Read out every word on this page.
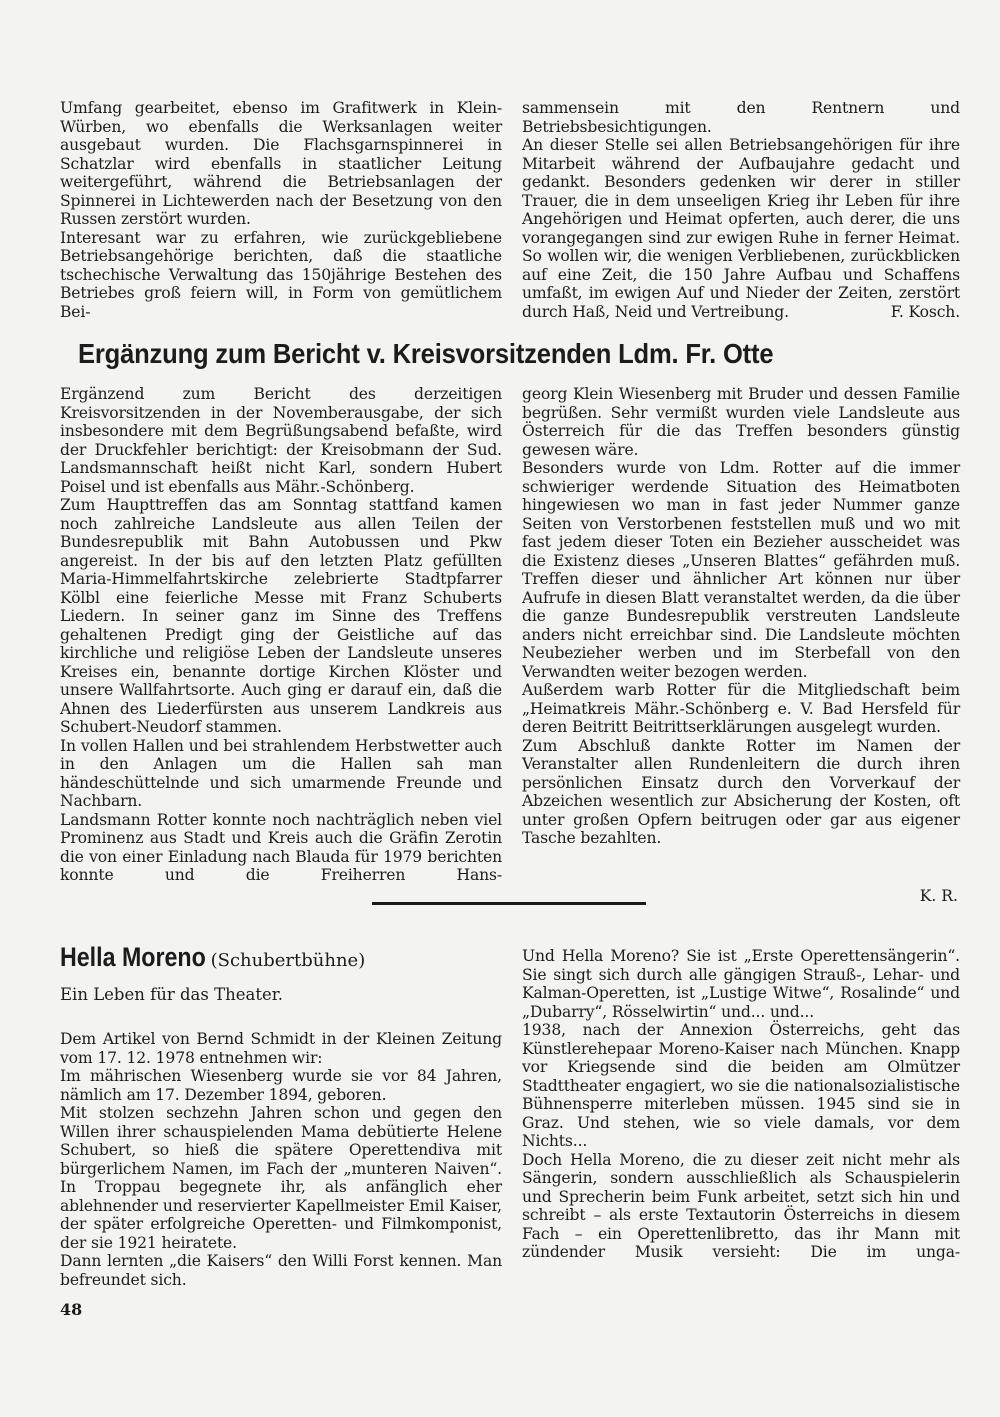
Umfang gearbeitet, ebenso im Grafitwerk in Klein-Würben, wo ebenfalls die Werksanlagen weiter ausgebaut wurden. Die Flachsgarnspinnerei in Schatzlar wird ebenfalls in staatlicher Leitung weitergeführt, während die Betriebsanlagen der Spinnerei in Lichtewerden nach der Besetzung von den Russen zerstört wurden.

Interesant war zu erfahren, wie zurückgebliebene Betriebsangehörige berichten, daß die staatliche tschechische Verwaltung das 150jährige Bestehen des Betriebes groß feiern will, in Form von gemütlichem Bei-

sammensein mit den Rentnern und Betriebsbesichtigungen.

An dieser Stelle sei allen Betriebsangehörigen für ihre Mitarbeit während der Aufbaujahre gedacht und gedankt. Besonders gedenken wir derer in stiller Trauer, die in dem unseeligen Krieg ihr Leben für ihre Angehörigen und Heimat opferten, auch derer, die uns vorangegangen sind zur ewigen Ruhe in ferner Heimat. So wollen wir, die wenigen Verbliebenen, zurückblicken auf eine Zeit, die 150 Jahre Aufbau und Schaffens umfaßt, im ewigen Auf und Nieder der Zeiten, zerstört durch Haß, Neid und Vertreibung.	F. Kosch.

Ergänzung zum Bericht v. Kreisvorsitzenden Ldm. Fr. Otte

Ergänzend zum Bericht des derzeitigen Kreisvorsitzenden in der Novemberausgabe, der sich insbesondere mit dem Begrüßungsabend befaßte, wird der Druckfehler berichtigt: der Kreisobmann der Sud. Landsmannschaft heißt nicht Karl, sondern Hubert Poisel und ist ebenfalls aus Mähr.-Schönberg.

Zum Haupttreffen das am Sonntag stattfand kamen noch zahlreiche Landsleute aus allen Teilen der Bundesrepublik mit Bahn Autobussen und Pkw angereist. In der bis auf den letzten Platz gefüllten Maria-Himmelfahrtskirche zelebrierte Stadtpfarrer Kölbl eine feierliche Messe mit Franz Schuberts Liedern. In seiner ganz im Sinne des Treffens gehaltenen Predigt ging der Geistliche auf das kirchliche und religiöse Leben der Landsleute unseres Kreises ein, benannte dortige Kirchen Klöster und unsere Wallfahrtsorte. Auch ging er darauf ein, daß die Ahnen des Liederfürsten aus unserem Landkreis aus Schubert-Neudorf stammen.

In vollen Hallen und bei strahlendem Herbstwetter auch in den Anlagen um die Hallen sah man händeschüttelnde und sich umarmende Freunde und Nachbarn.

Landsmann Rotter konnte noch nachträglich neben viel Prominenz aus Stadt und Kreis auch die Gräfin Zerotin die von einer Einladung nach Blauda für 1979 berichten konnte und die Freiherren Hans-

georg Klein Wiesenberg mit Bruder und dessen Familie begrüßen. Sehr vermißt wurden viele Landsleute aus Österreich für die das Treffen besonders günstig gewesen wäre.

Besonders wurde von Ldm. Rotter auf die immer schwieriger werdende Situation des Heimatboten hingewiesen wo man in fast jeder Nummer ganze Seiten von Verstorbenen feststellen muß und wo mit fast jedem dieser Toten ein Bezieher ausscheidet was die Existenz dieses „Unseren Blattes“ gefährden muß. Treffen dieser und ähnlicher Art können nur über Aufrufe in diesen Blatt veranstaltet werden, da die über die ganze Bundesrepublik verstreuten Landsleute anders nicht erreichbar sind. Die Landsleute möchten Neubezieher werben und im Sterbefall von den Verwandten weiter bezogen werden.

Außerdem warb Rotter für die Mitgliedschaft beim „Heimatkreis Mähr.-Schönberg e. V. Bad Hersfeld für deren Beitritt Beitrittserklärungen ausgelegt wurden.

Zum Abschluß dankte Rotter im Namen der Veranstalter allen Rundenleitern die durch ihren persönlichen Einsatz durch den Vorverkauf der Abzeichen wesentlich zur Absicherung der Kosten, oft unter großen Opfern beitrugen oder gar aus eigener Tasche bezahlten.

K. R.
Hella Moreno (Schubertbühne)
Ein Leben für das Theater.

Dem Artikel von Bernd Schmidt in der Kleinen Zeitung vom 17. 12. 1978 entnehmen wir:

Im mährischen Wiesenberg wurde sie vor 84 Jahren, nämlich am 17. Dezember 1894, geboren.

Mit stolzen sechzehn Jahren schon und gegen den Willen ihrer schauspielenden Mama debütierte Helene Schubert, so hieß die spätere Operettendiva mit bürgerlichem Namen, im Fach der „munteren Naiven“. In Troppau begegnete ihr, als anfänglich eher ablehnender und reservierter Kapellmeister Emil Kaiser, der später erfolgreiche Operetten- und Filmkomponist, der sie 1921 heiratete.

Dann lernten „die Kaisers“ den Willi Forst kennen. Man befreundet sich.

Und Hella Moreno? Sie ist „Erste Operettensängerin“. Sie singt sich durch alle gängigen Strauß-, Lehar- und Kalman-Operetten, ist „Lustige Witwe“, Rosalinde“ und „Dubarry“, Rösselwirtin“ und... und...

1938, nach der Annexion Österreichs, geht das Künstlerehepaar Moreno-Kaiser nach München. Knapp vor Kriegsende sind die beiden am Olmützer Stadttheater engagiert, wo sie die nationalsozialistische Bühnensperre miterleben müssen. 1945 sind sie in Graz. Und stehen, wie so viele damals, vor dem Nichts...

Doch Hella Moreno, die zu dieser zeit nicht mehr als Sängerin, sondern ausschließlich als Schauspielerin und Sprecherin beim Funk arbeitet, setzt sich hin und schreibt – als erste Textautorin Österreichs in diesem Fach – ein Operettenlibretto, das ihr Mann mit zündender Musik versieht: Die im unga-

48
